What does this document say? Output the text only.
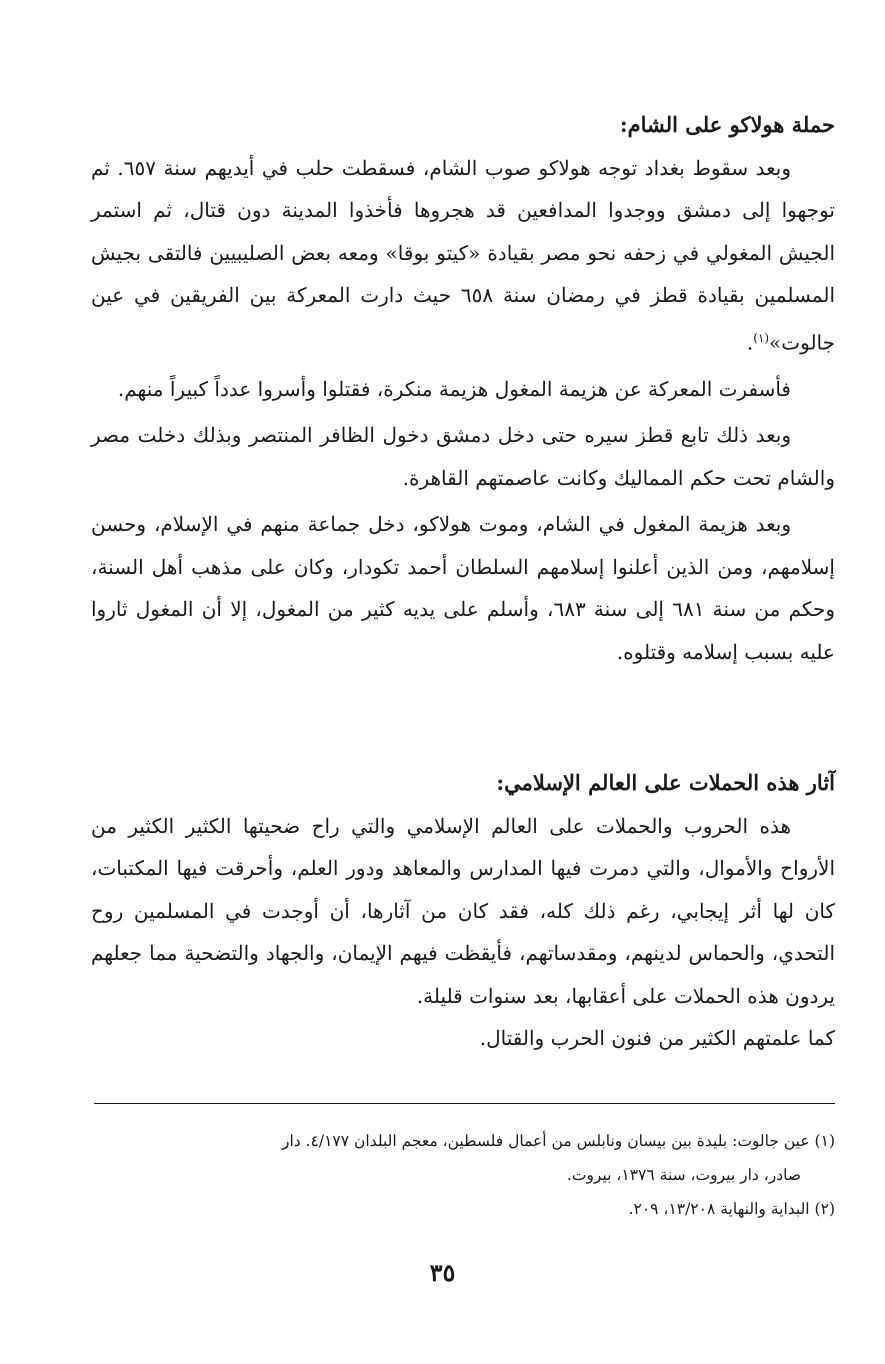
حملة هولاكو على الشام:
وبعد سقوط بغداد توجه هولاكو صوب الشام، فسقطت حلب في أيديهم سنة ٦٥٧. ثم توجهوا إلى دمشق ووجدوا المدافعين قد هجروها فأخذوا المدينة دون قتال، ثم استمر الجيش المغولي في زحفه نحو مصر بقيادة «كيتو بوقا» ومعه بعض الصليبيين فالتقى بجيش المسلمين بقيادة قطز في رمضان سنة ٦٥٨ حيث دارت المعركة بين الفريقين في عين جالوت»$^{(١)}$.
فأسفرت المعركة عن هزيمة المغول هزيمة منكرة، فقتلوا وأسروا عدداً كبيراً منهم.
وبعد ذلك تابع قطز سيره حتى دخل دمشق دخول الظافر المنتصر وبذلك دخلت مصر والشام تحت حكم المماليك وكانت عاصمتهم القاهرة.
وبعد هزيمة المغول في الشام، وموت هولاكو، دخل جماعة منهم في الإسلام، وحسن إسلامهم، ومن الذين أعلنوا إسلامهم السلطان أحمد تكودار، وكان على مذهب أهل السنة، وحكم من سنة ٦٨١ إلى سنة ٦٨٣، وأسلم على يديه كثير من المغول، إلا أن المغول ثاروا عليه بسبب إسلامه وقتلوه.
آثار هذه الحملات على العالم الإسلامي:
هذه الحروب والحملات على العالم الإسلامي والتي راح ضحيتها الكثير الكثير من الأرواح والأموال، والتي دمرت فيها المدارس والمعاهد ودور العلم، وأحرقت فيها المكتبات، كان لها أثر إيجابي، رغم ذلك كله، فقد كان من آثارها، أن أوجدت في المسلمين روح التحدي، والحماس لدينهم، ومقدساتهم، فأيقظت فيهم الإيمان، والجهاد والتضحية مما جعلهم يردون هذه الحملات على أعقابها، بعد سنوات قليلة.
كما علمتهم الكثير من فنون الحرب والقتال.
(١) عين جالوت: بليدة بين بيسان ونابلس من أعمال فلسطين، معجم البلدان ٤/١٧٧. دار
صادر، دار بيروت، سنة ١٣٧٦، بيروت.
(٢) البداية والنهاية ١٣/٢٠٨، ٢٠٩.
٣٥
